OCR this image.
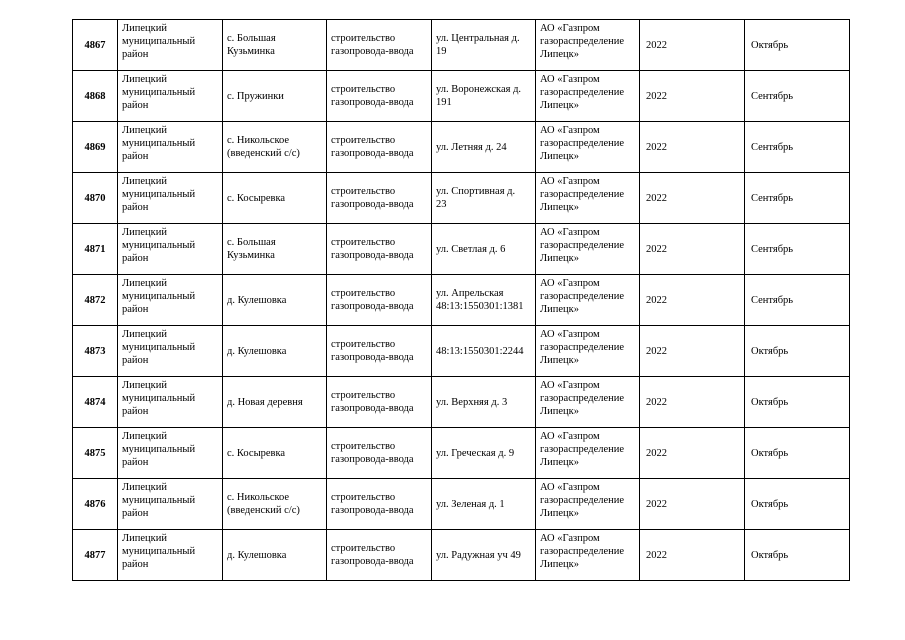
4867	Липецкий
муниципальный
район	с. Большая
Кузьминка	строительство
газопровода-ввода	ул. Центральная д.
19	АО «Газпром
газораспределение
Липецк»	2022	Октябрь

4868	Липецкий
муниципальный
район	с. Пружинки	строительство
газопровода-ввода	ул. Воронежская д.
191	АО «Газпром
газораспределение
Липецк»	2022	Сентябрь

4869	Липецкий
муниципальный
район	с. Никольское
(введенский с/с)	строительство
газопровода-ввода	ул. Летняя д. 24	АО «Газпром
газораспределение
Липецк»	2022	Сентябрь

4870	Липецкий
муниципальный
район	с. Косыревка	строительство
газопровода-ввода	ул. Спортивная д.
23	АО «Газпром
газораспределение
Липецк»	2022	Сентябрь

4871	Липецкий
муниципальный
район	с. Большая
Кузьминка	строительство
газопровода-ввода	ул. Светлая д. 6	АО «Газпром
газораспределение
Липецк»	2022	Сентябрь

4872	Липецкий
муниципальный
район	д. Кулешовка	строительство
газопровода-ввода	ул. Апрельская
48:13:1550301:1381	АО «Газпром
газораспределение
Липецк»	2022	Сентябрь

4873	Липецкий
муниципальный
район	д. Кулешовка	строительство
газопровода-ввода	48:13:1550301:2244	АО «Газпром
газораспределение
Липецк»	2022	Октябрь

4874	Липецкий
муниципальный
район	д. Новая деревня	строительство
газопровода-ввода	ул. Верхняя д. 3	АО «Газпром
газораспределение
Липецк»	2022	Октябрь

4875	Липецкий
муниципальный
район	с. Косыревка	строительство
газопровода-ввода	ул. Греческая д. 9	АО «Газпром
газораспределение
Липецк»	2022	Октябрь

4876	Липецкий
муниципальный
район	с. Никольское
(введенский с/с)	строительство
газопровода-ввода	ул. Зеленая д. 1	АО «Газпром
газораспределение
Липецк»	2022	Октябрь

4877	Липецкий
муниципальный
район	д. Кулешовка	строительство
газопровода-ввода	ул. Радужная уч 49	АО «Газпром
газораспределение
Липецк»	2022	Октябрь
